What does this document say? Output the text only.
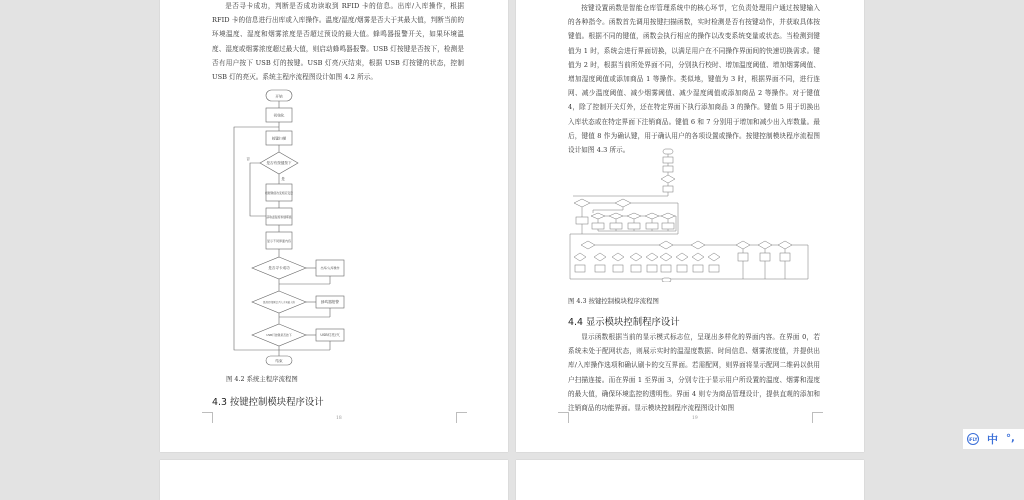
是否寻卡成功，判断是否成功读取到 RFID 卡的信息。出库/入库操作，根据 RFID 卡的信息进行出库或入库操作。温度/湿度/烟雾是否大于其最大值，判断当前的环境温度、湿度和烟雾浓度是否超过预设的最大值。蜂鸣器报警开关，如果环境温度、湿度或烟雾浓度超过最大值，则启动蜂鸣器报警。USB 灯按键是否按下，检测是否有用户按下 USB 灯的按键。USB 灯亮/灭结束，根据 USB 灯按键的状态，控制 USB 灯的亮灭。系统主程序流程图设计如图 4.2 所示。

开始
初始化
按键扫描
是否有按键按下
否
是
根据键值改变相应变量
获取温湿度和烟雾值
显示不同界面内容
是否寻卡成功	出库/入库操作
温湿度/烟雾是否大于其最大值	蜂鸣器报警
USB灯按键是否按下	USB灯亮/灭
结束
图 4.2 系统主程序流程图
4.3 按键控制模块程序设计
18

按键设置函数是智能仓库管理系统中的核心环节，它负责处理用户通过按键输入的各种指令。函数首先调用按键扫描函数，实时检测是否有按键动作，并获取具体按键值。根据不同的键值，函数会执行相应的操作以改变系统变量或状态。当检测到键值为 1 时，系统会进行界面切换，以满足用户在不同操作界面间的快速切换需求。键值为 2 时，根据当前所处界面不同，分别执行校时、增加温度阈值、增加烟雾阈值、增加湿度阈值或添加商品 1 等操作。类似地，键值为 3 时，根据界面不同，进行连网、减少温度阈值、减少烟雾阈值、减少湿度阈值或添加商品 2 等操作。对于键值 4，除了控制开关灯外，还在特定界面下执行添加商品 3 的操作。键值 5 用于切换出入库状态或在特定界面下注销商品。键值 6 和 7 分别用于增加和减少出入库数量。最后，键值 8 作为确认键，用于确认用户的各项设置或操作。按键控制模块程序流程图设计如图 4.3 所示。

图 4.3 按键控制模块程序流程图
4.4 显示模块控制程序设计

显示函数根据当前的显示模式标志位，呈现出多样化的界面内容。在界面 0，若系统未处于配网状态，则展示实时的温湿度数据、时间信息、烟雾浓度值，并提供出库/入库操作选项和确认刷卡的交互界面。若需配网，则界面将显示配网二维码以供用户扫描连接。而在界面 1 至界面 3，分别专注于显示用户所设置的温度、烟雾和湿度的最大值，确保环境监控的透明性。界面 4 则专为商品管理设计，提供直观的添加和注销商品的功能界面。显示模块控制程序流程图设计如图

19
iFLY 中 °,
